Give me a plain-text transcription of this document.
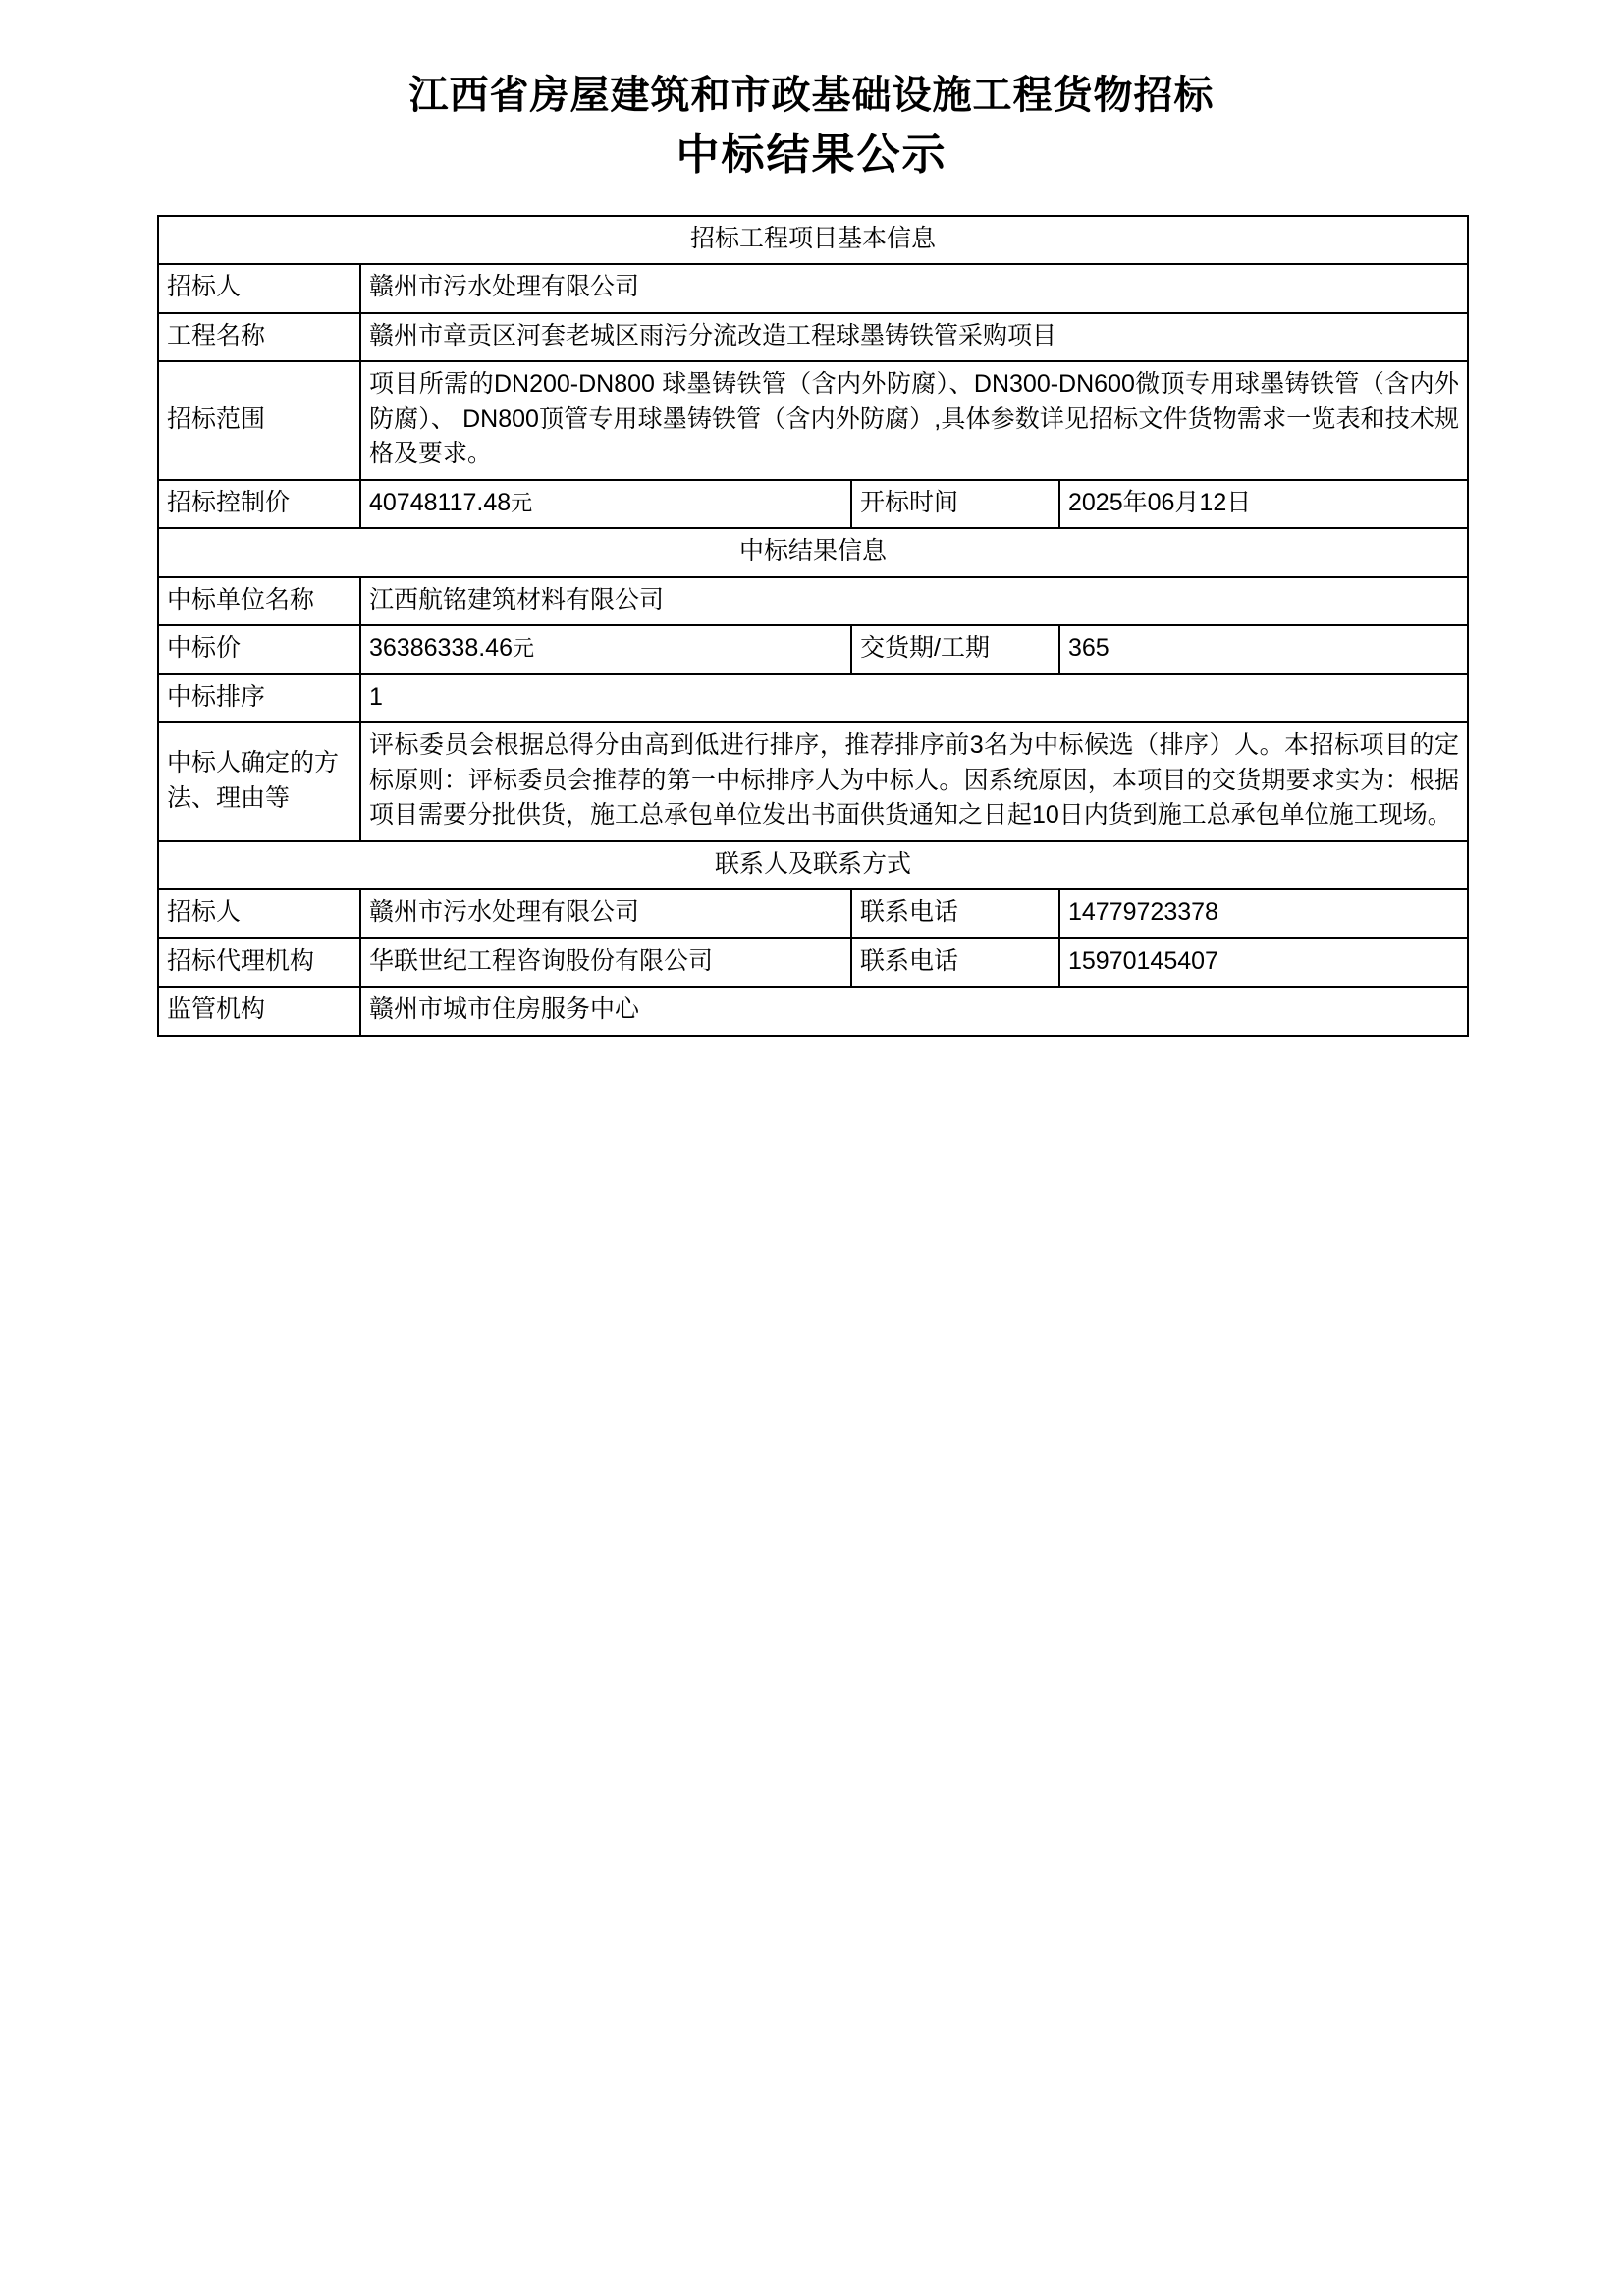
江西省房屋建筑和市政基础设施工程货物招标
中标结果公示
招标工程项目基本信息			
招标人	赣州市污水处理有限公司		
工程名称	赣州市章贡区河套老城区雨污分流改造工程球墨铸铁管采购项目		
招标范围	项目所需的DN200-DN800 球墨铸铁管（含内外防腐）、DN300-DN600微顶专用球墨铸铁管（含内外防腐）、 DN800顶管专用球墨铸铁管（含内外防腐）,具体参数详见招标文件货物需求一览表和技术规格及要求。		
招标控制价	40748117.48元	开标时间	2025年06月12日
中标结果信息			
中标单位名称	江西航铭建筑材料有限公司		
中标价	36386338.46元	交货期/工期	365
中标排序	1		
中标人确定的方法、理由等	评标委员会根据总得分由高到低进行排序，推荐排序前3名为中标候选（排序）人。本招标项目的定标原则：评标委员会推荐的第一中标排序人为中标人。因系统原因，本项目的交货期要求实为：根据项目需要分批供货，施工总承包单位发出书面供货通知之日起10日内货到施工总承包单位施工现场。		
联系人及联系方式			
招标人	赣州市污水处理有限公司	联系电话	14779723378
招标代理机构	华联世纪工程咨询股份有限公司	联系电话	15970145407
监管机构	赣州市城市住房服务中心		
